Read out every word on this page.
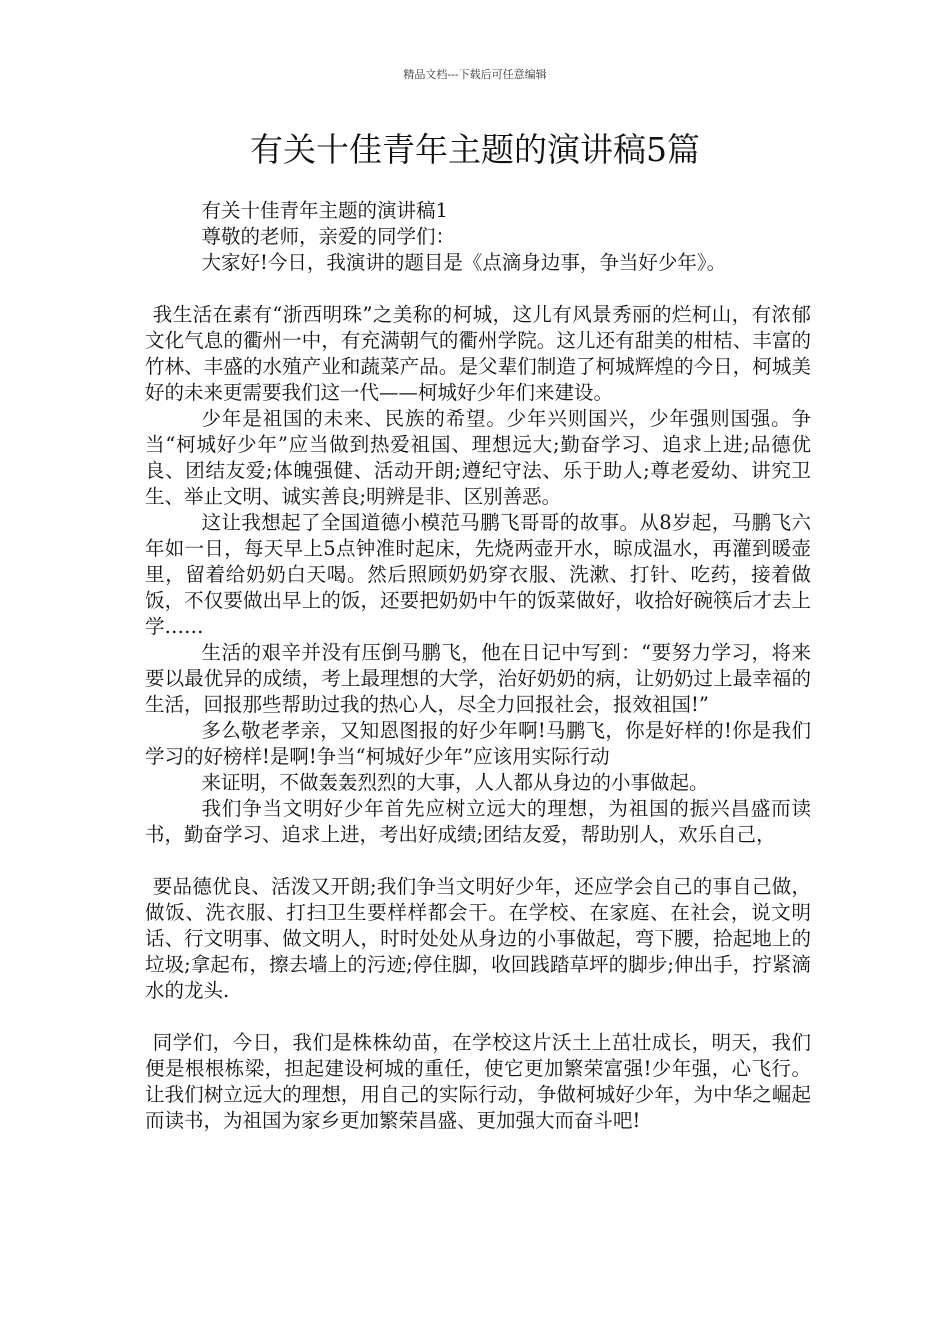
精品文档---下载后可任意编辑
有关十佳青年主题的演讲稿5篇

有关十佳青年主题的演讲稿1

尊敬的老师，亲爱的同学们：

大家好!今日，我演讲的题目是《点滴身边事，争当好少年》。

我生活在素有“浙西明珠”之美称的柯城，这儿有风景秀丽的烂柯山，有浓郁文化气息的衢州一中，有充满朝气的衢州学院。这儿还有甜美的柑桔、丰富的竹林、丰盛的水殖产业和蔬菜产品。是父辈们制造了柯城辉煌的今日，柯城美好的未来更需要我们这一代——柯城好少年们来建设。

少年是祖国的未来、民族的希望。少年兴则国兴，少年强则国强。争当“柯城好少年”应当做到热爱祖国、理想远大;勤奋学习、追求上进;品德优良、团结友爱;体魄强健、活动开朗;遵纪守法、乐于助人;尊老爱幼、讲究卫生、举止文明、诚实善良;明辨是非、区别善恶。

这让我想起了全国道德小模范马鹏飞哥哥的故事。从8岁起，马鹏飞六年如一日，每天早上5点钟准时起床，先烧两壶开水，晾成温水，再灌到暖壶里，留着给奶奶白天喝。然后照顾奶奶穿衣服、洗漱、打针、吃药，接着做饭，不仅要做出早上的饭，还要把奶奶中午的饭菜做好，收拾好碗筷后才去上学……

生活的艰辛并没有压倒马鹏飞，他在日记中写到：“要努力学习，将来要以最优异的成绩，考上最理想的大学，治好奶奶的病，让奶奶过上最幸福的生活，回报那些帮助过我的热心人，尽全力回报社会，报效祖国!”

多么敬老孝亲，又知恩图报的好少年啊!马鹏飞，你是好样的!你是我们学习的好榜样!是啊!争当“柯城好少年”应该用实际行动

来证明，不做轰轰烈烈的大事，人人都从身边的小事做起。

我们争当文明好少年首先应树立远大的理想，为祖国的振兴昌盛而读书，勤奋学习、追求上进，考出好成绩;团结友爱，帮助别人，欢乐自己，

要品德优良、活泼又开朗;我们争当文明好少年，还应学会自己的事自己做，做饭、洗衣服、打扫卫生要样样都会干。在学校、在家庭、在社会，说文明话、行文明事、做文明人，时时处处从身边的小事做起，弯下腰，拾起地上的垃圾;拿起布，擦去墙上的污迹;停住脚，收回践踏草坪的脚步;伸出手，拧紧滴水的龙头.

同学们，今日，我们是株株幼苗，在学校这片沃土上茁壮成长，明天，我们便是根根栋梁，担起建设柯城的重任，使它更加繁荣富强!少年强，心飞行。让我们树立远大的理想，用自己的实际行动，争做柯城好少年，为中华之崛起而读书，为祖国为家乡更加繁荣昌盛、更加强大而奋斗吧!
